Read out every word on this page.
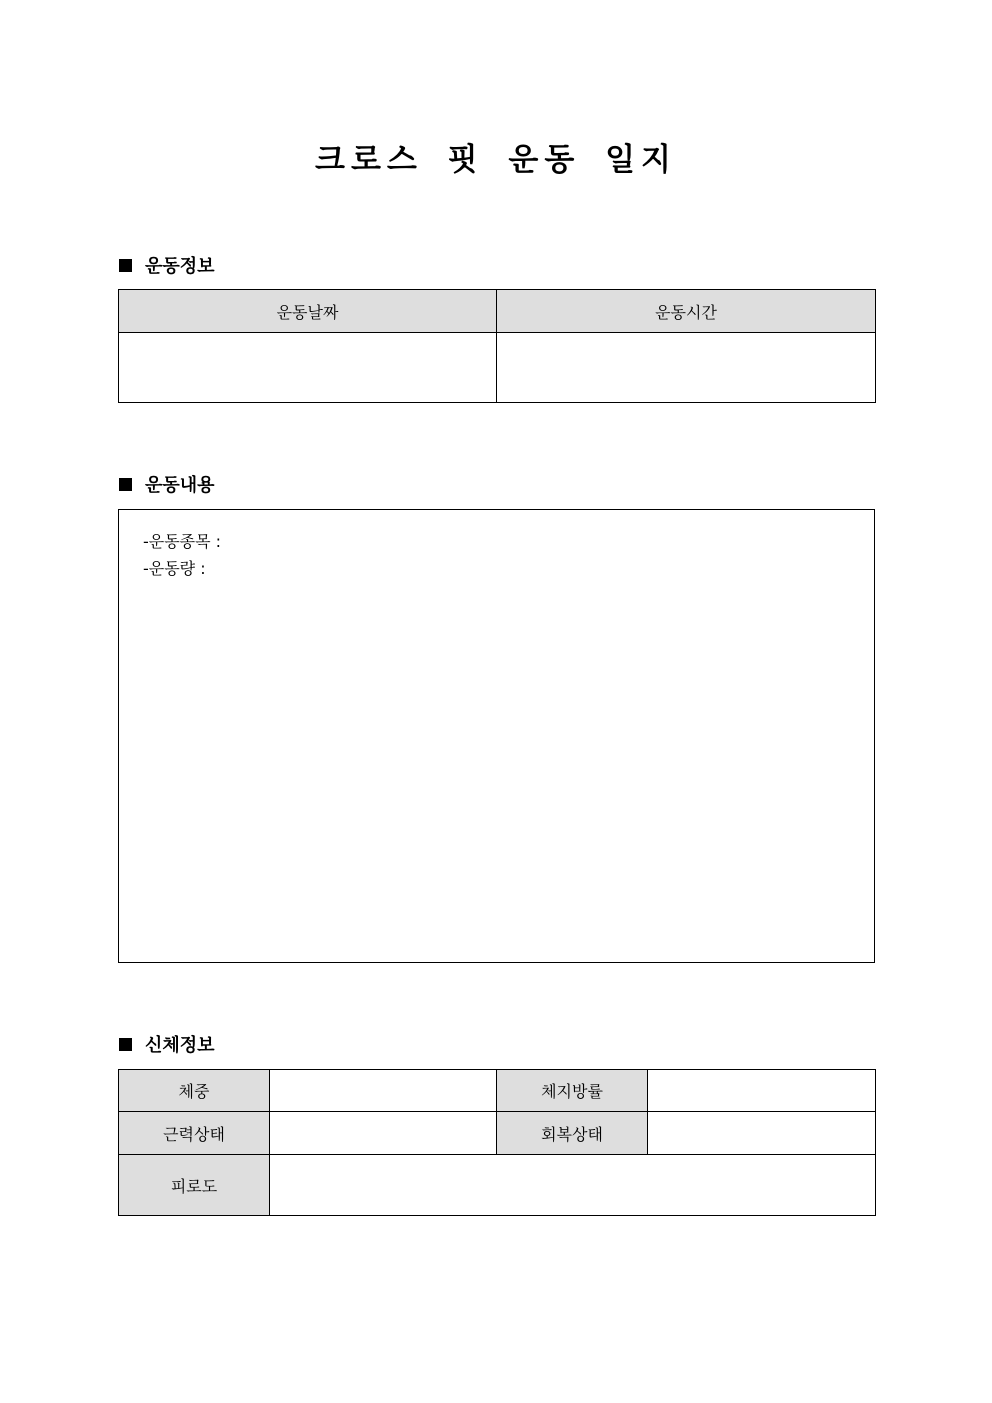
크로스 핏 운동 일지
운동정보
운동날짜	운동시간

운동내용
-운동종목 :
-운동량 :
신체정보
체중		체지방률	
근력상태		회복상태	
피로도			
